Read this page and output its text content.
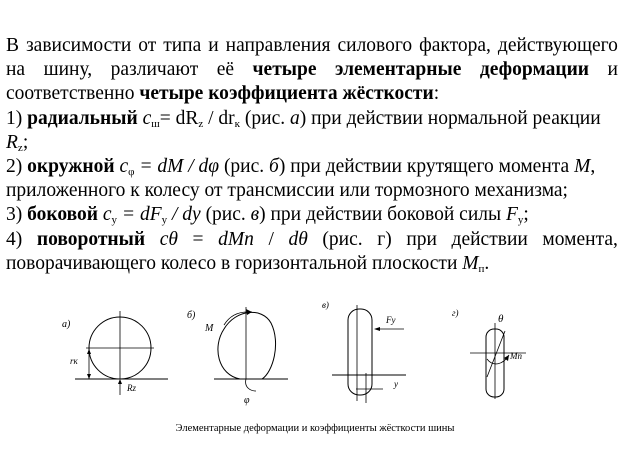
В зависимости от типа и направления силового фактора, действующего
на шину, различают её четыре элементарные деформации и
соответственно четыре коэффициента жёсткости:
1) радиальный $c_ш= dR_z / dr_к$ (рис. а) при действии нормальной реакции
$R_z$;
2) окружной $c_\varphi$ = dM / dφ (рис. б) при действии крутящего момента M,
приложенного к колесу от трансмиссии или тормозного механизма;
3) боковой $c_y = dF_y$ / dy (рис. в) при действии боковой силы $F_y$;
4) поворотный cθ = dMп / dθ (рис. г) при действии момента,
поворачивающего колесо в горизонтальной плоскости $M_п$.
а)
rк
Rz
б)
M
φ
в)
Fy
y
г)	θ
Mп
Элементарные деформации и коэффициенты жёсткости шины
